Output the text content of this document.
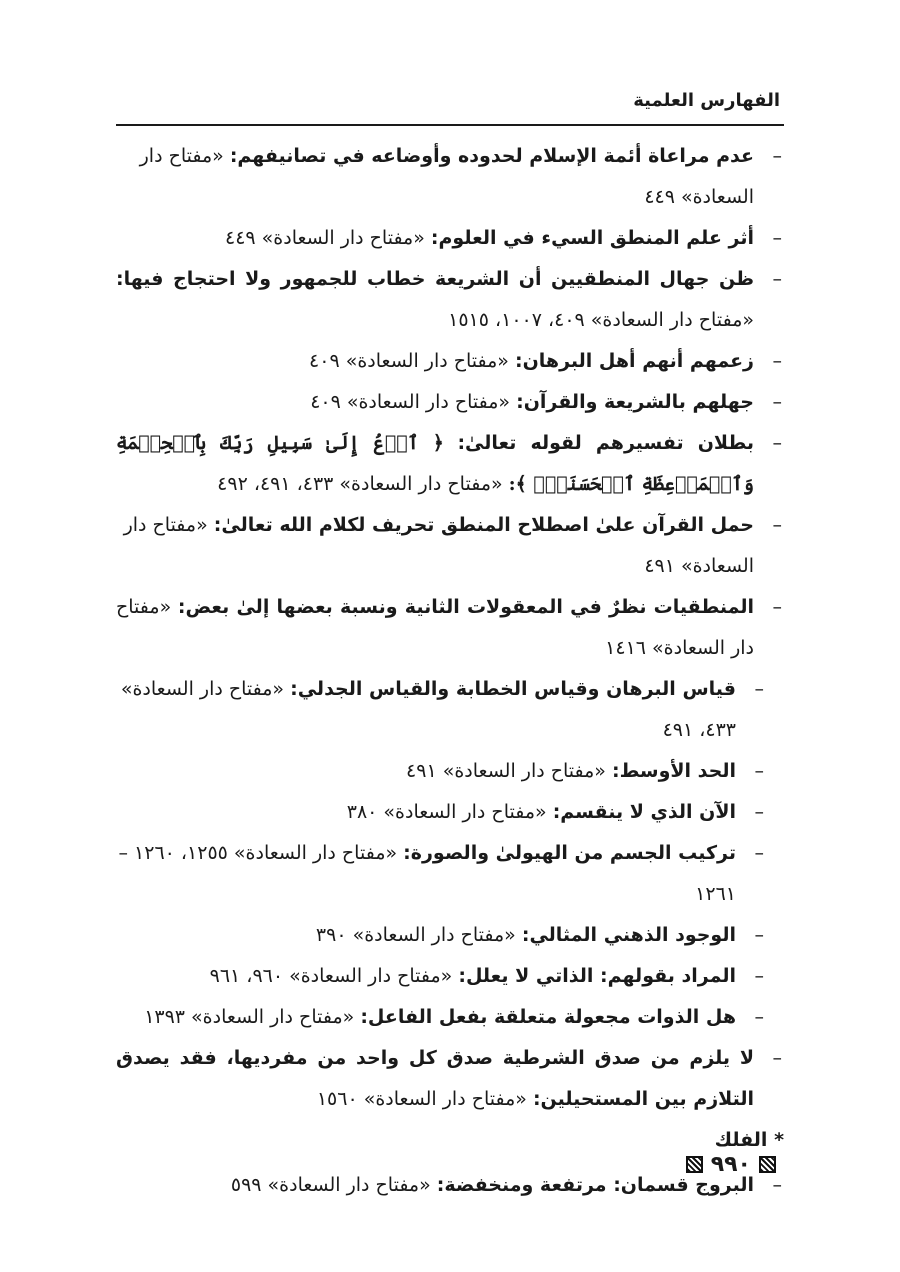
الفهارس العلمية
–
عدم مراعاة أئمة الإسلام لحدوده وأوضاعه في تصانيفهم: «مفتاح دار السعادة» ٤٤٩
–
أثر علم المنطق السيء في العلوم: «مفتاح دار السعادة» ٤٤٩
–
ظن جهال المنطقيين أن الشريعة خطاب للجمهور ولا احتجاج فيها: «مفتاح دار السعادة» ٤٠٩، ١٠٠٧، ١٥١٥
–
زعمهم أنهم أهل البرهان: «مفتاح دار السعادة» ٤٠٩
–
جهلهم بالشريعة والقرآن: «مفتاح دار السعادة» ٤٠٩
–
بطلان تفسيرهم لقوله تعالىٰ: ﴿ ٱدۡعُ إِلَىٰ سَبِيلِ رَبِّكَ بِٱلۡحِكۡمَةِ وَٱلۡمَوۡعِظَةِ ٱلۡحَسَنَةِۖ ﴾: «مفتاح دار السعادة» ٤٣٣، ٤٩١، ٤٩٢
–
حمل القرآن علىٰ اصطلاح المنطق تحريف لكلام الله تعالىٰ: «مفتاح دار السعادة» ٤٩١
–
المنطقيات نظرٌ في المعقولات الثانية ونسبة بعضها إلىٰ بعض: «مفتاح دار السعادة» ١٤١٦
–
قياس البرهان وقياس الخطابة والقياس الجدلي: «مفتاح دار السعادة» ٤٣٣، ٤٩١
–
الحد الأوسط: «مفتاح دار السعادة» ٤٩١
–
الآن الذي لا ينقسم: «مفتاح دار السعادة» ٣٨٠
–
تركيب الجسم من الهيولىٰ والصورة: «مفتاح دار السعادة» ١٢٥٥، ١٢٦٠ – ١٢٦١
–
الوجود الذهني المثالي: «مفتاح دار السعادة» ٣٩٠
–
المراد بقولهم: الذاتي لا يعلل: «مفتاح دار السعادة» ٩٦٠، ٩٦١
–
هل الذوات مجعولة متعلقة بفعل الفاعل: «مفتاح دار السعادة» ١٣٩٣
–
لا يلزم من صدق الشرطية صدق كل واحد من مفرديها، فقد يصدق التلازم بين المستحيلين: «مفتاح دار السعادة» ١٥٦٠
* الفلك
–
البروج قسمان: مرتفعة ومنخفضة: «مفتاح دار السعادة» ٥٩٩
٩٩٠
